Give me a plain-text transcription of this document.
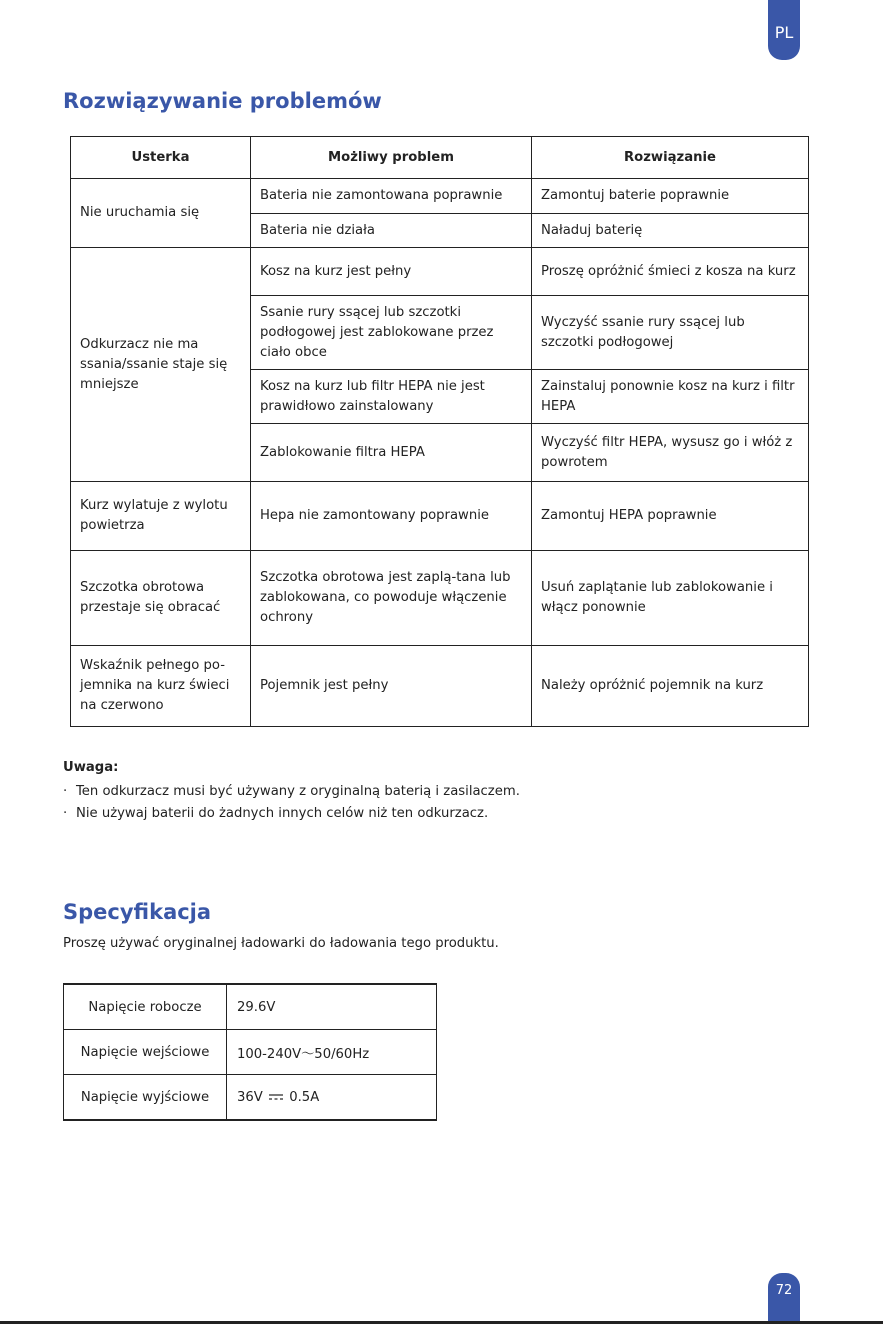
PL
Rozwiązywanie problemów
Usterka	Możliwy problem	Rozwiązanie
Nie uruchamia się	Bateria nie zamontowana poprawnie	Zamontuj baterie poprawnie
	Bateria nie działa	Naładuj baterię
Odkurzacz nie ma ssania/ssanie staje się mniejsze	Kosz na kurz jest pełny	Proszę opróżnić śmieci z kosza na kurz
	Ssanie rury ssącej lub szczotki podłogowej jest zablokowane przez ciało obce	Wyczyść ssanie rury ssącej lub szczotki podłogowej
	Kosz na kurz lub filtr HEPA nie jest prawidłowo zainstalowany	Zainstaluj ponownie kosz na kurz i filtr HEPA
	Zablokowanie filtra HEPA	Wyczyść filtr HEPA, wysusz go i włóż z powrotem
Kurz wylatuje z wylotu powietrza	Hepa nie zamontowany poprawnie	Zamontuj HEPA poprawnie
Szczotka obrotowa przestaje się obracać	Szczotka obrotowa jest zaplą-tana lub zablokowana, co powoduje włączenie ochrony	Usuń zaplątanie lub zablokowanie i włącz ponownie
Wskaźnik pełnego po-jemnika na kurz świeci na czerwono	Pojemnik jest pełny	Należy opróżnić pojemnik na kurz
Uwaga:
· Ten odkurzacz musi być używany z oryginalną baterią i zasilaczem.
· Nie używaj baterii do żadnych innych celów niż ten odkurzacz.
Specyfikacja

Proszę używać oryginalnej ładowarki do ładowania tego produktu.

Napięcie robocze	29.6V
Napięcie wejściowe	100-240V～50/60Hz
Napięcie wyjściowe	36V 0.5A
72
